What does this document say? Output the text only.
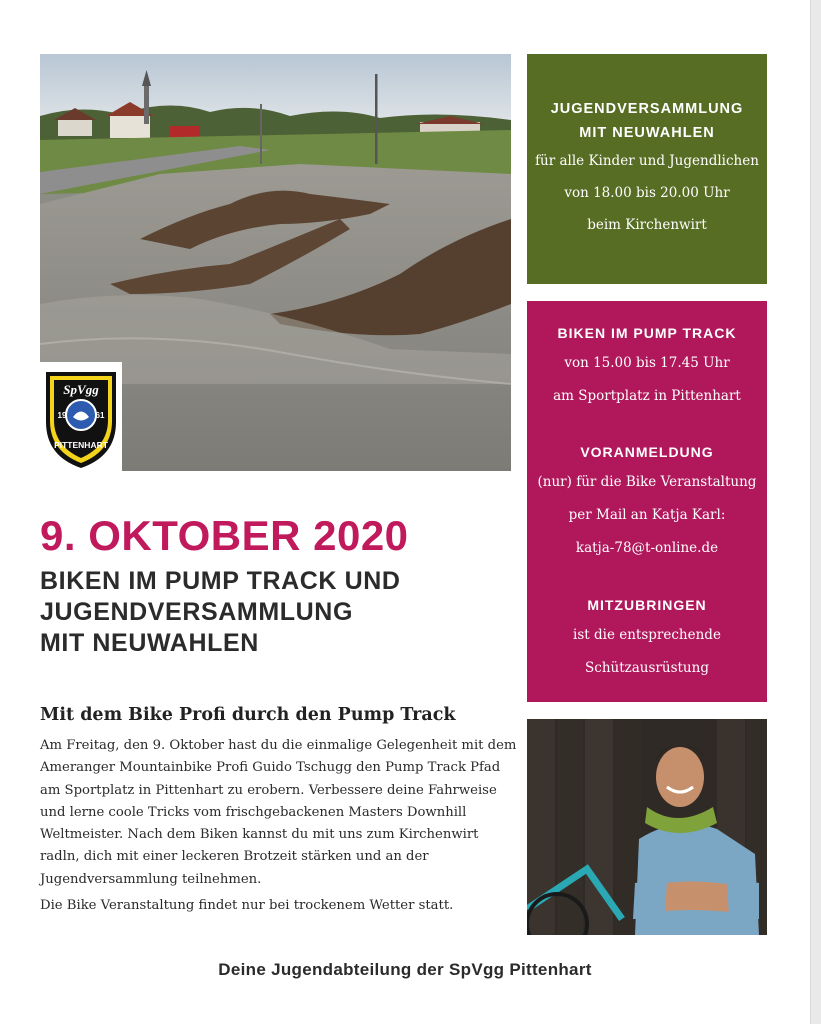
SpVgg
19	61
PITTENHART
9. OKTOBER 2020
BIKEN IM PUMP TRACK UND
JUGENDVERSAMMLUNG
MIT NEUWAHLEN
Mit dem Bike Profi durch den Pump Track
Am Freitag, den 9. Oktober hast du die einmalige Gelegenheit mit dem
Ameranger Mountainbike Profi Guido Tschugg den Pump Track Pfad
am Sportplatz in Pittenhart zu erobern. Verbessere deine Fahrweise
und lerne coole Tricks vom frischgebackenen Masters Downhill
Weltmeister. Nach dem Biken kannst du mit uns zum Kirchenwirt
radln, dich mit einer leckeren Brotzeit stärken und an der
Jugendversammlung teilnehmen.
Die Bike Veranstaltung findet nur bei trockenem Wetter statt.
JUGENDVERSAMMLUNG
MIT NEUWAHLEN
für alle Kinder und Jugendlichen
von 18.00 bis 20.00 Uhr
beim Kirchenwirt
BIKEN IM PUMP TRACK
von 15.00 bis 17.45 Uhr
am Sportplatz in Pittenhart
VORANMELDUNG
(nur) für die Bike Veranstaltung
per Mail an Katja Karl:
katja-78@t-online.de
MITZUBRINGEN
ist die entsprechende
Schützausrüstung
Deine Jugendabteilung der SpVgg Pittenhart
